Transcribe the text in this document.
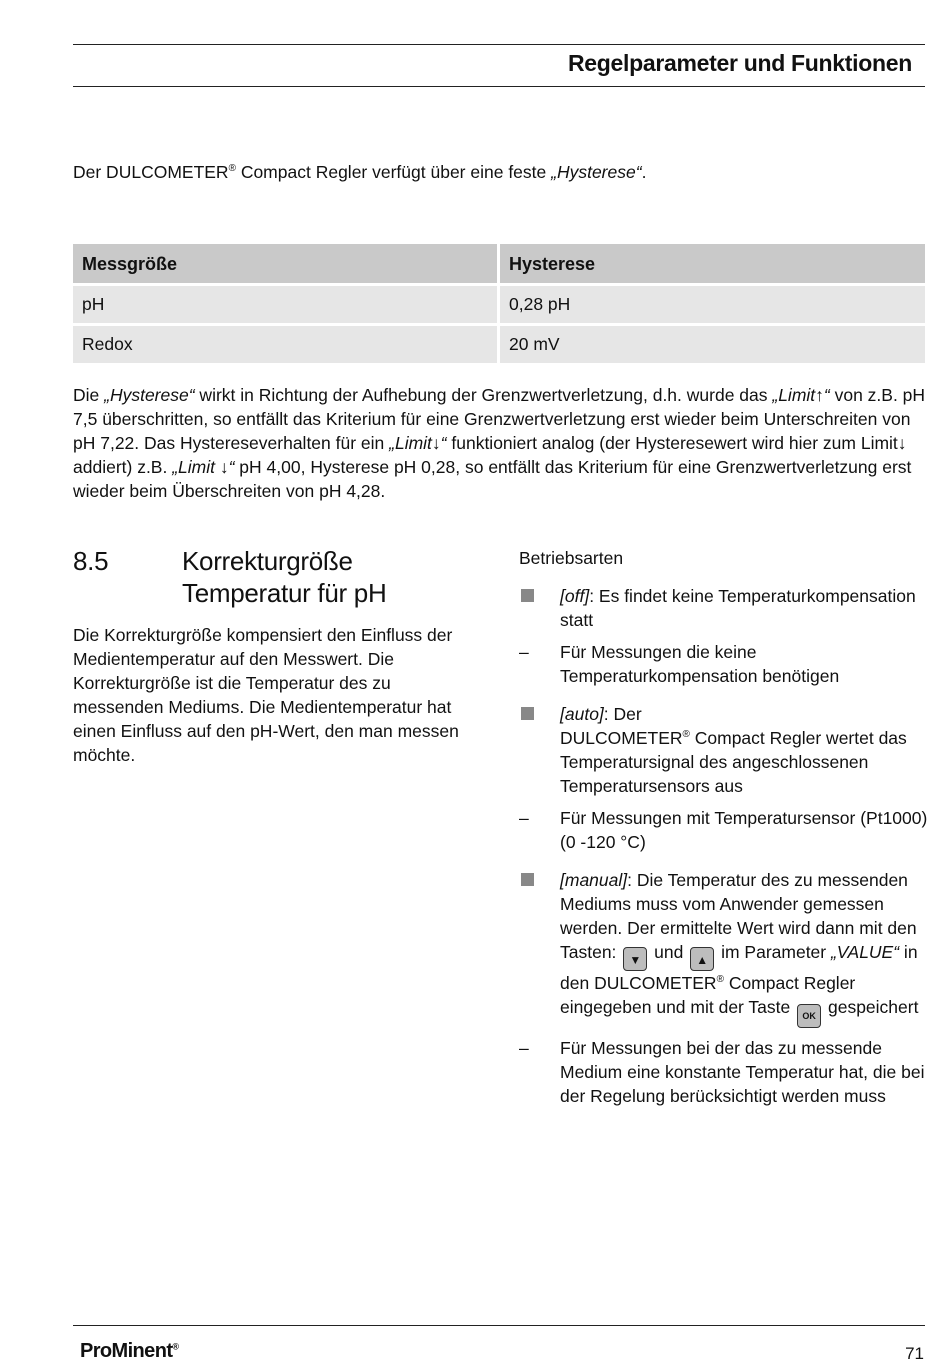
Regelparameter und Funktionen
Der DULCOMETER® Compact Regler verfügt über eine feste „Hysterese“.
Messgröße	Hysterese
pH	0,28 pH
Redox	20 mV
Die „Hysterese“ wirkt in Richtung der Aufhebung der Grenzwertverletzung, d.h. wurde das „Limit↑“ von z.B. pH 7,5 überschritten, so entfällt das Kriterium für eine Grenzwertverletzung erst wieder beim Unterschreiten von pH 7,22. Das Hystereseverhalten für ein „Limit↓“ funktioniert analog (der Hysteresewert wird hier zum Limit↓ addiert) z.B. „Limit ↓“ pH 4,00, Hysterese pH 0,28, so entfällt das Kriterium für eine Grenzwertverletzung erst wieder beim Überschreiten von pH 4,28.
8.5	Korrekturgröße Temperatur für pH
Die Korrekturgröße kompensiert den Einfluss der Medientemperatur auf den Messwert. Die Korrekturgröße ist die Temperatur des zu messenden Mediums. Die Medientemperatur hat einen Einfluss auf den pH-Wert, den man messen möchte.
Betriebsarten
[off]: Es findet keine Temperaturkompensation statt
– Für Messungen die keine Temperaturkompensation benötigen
[auto]: Der
DULCOMETER® Compact Regler wertet das Temperatursignal des angeschlossenen Temperatursensors aus
– Für Messungen mit Temperatursensor (Pt1000) (0 -120 °C)
[manual]: Die Temperatur des zu messenden Mediums muss vom Anwender gemessen werden. Der ermittelte Wert wird dann mit den Tasten: ▼ und ▲ im Parameter „VALUE“ in den DULCOMETER® Compact Regler eingegeben und mit der Taste OK gespeichert
– Für Messungen bei der das zu messende Medium eine konstante Temperatur hat, die bei der Regelung berücksichtigt werden muss
ProMinent®	71
